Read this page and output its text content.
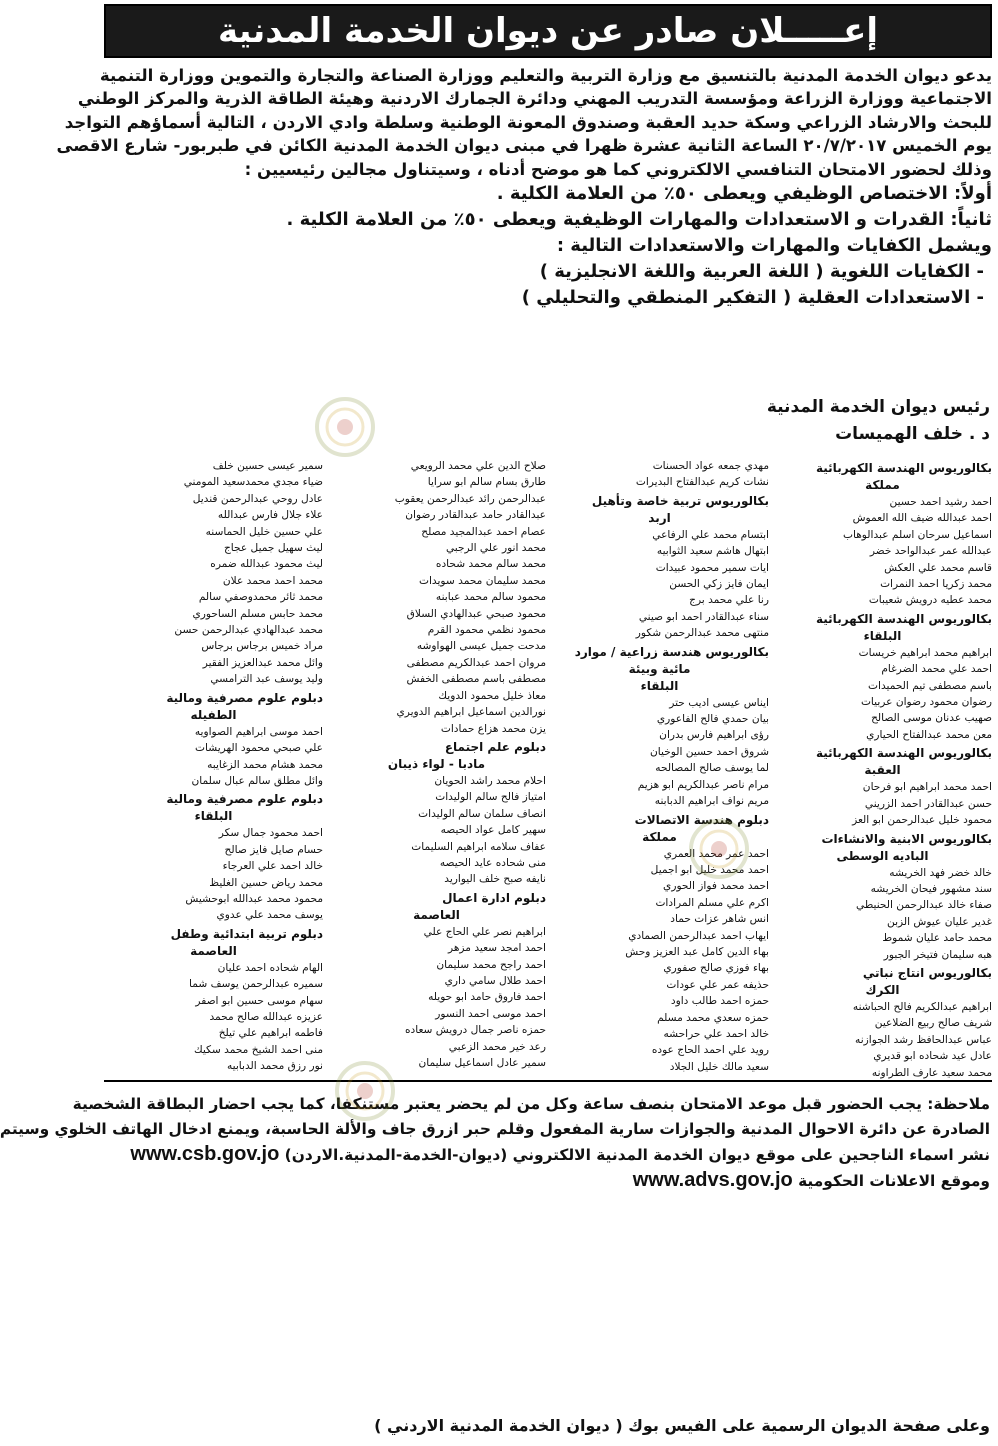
إعـــــلان صادر عن ديوان الخدمة المدنية

يدعو ديوان الخدمة المدنية بالتنسيق مع وزارة التربية والتعليم ووزارة الصناعة والتجارة والتموين ووزارة التنمية

الاجتماعية ووزارة الزراعة ومؤسسة التدريب المهني ودائرة الجمارك الاردنية وهيئة الطاقة الذرية والمركز الوطني

للبحث والارشاد الزراعي وسكة حديد العقبة وصندوق المعونة الوطنية وسلطة وادي الاردن ، التالية أسماؤهم التواجد

يوم الخميس ٢٠/٧/٢٠١٧ الساعة الثانية عشرة ظهرا في مبنى ديوان الخدمة المدنية الكائن في طبربور- شارع الاقصى

وذلك لحضور الامتحان التنافسي الالكتروني كما هو موضح أدناه ، وسيتناول مجالين رئيسيين :

أولاً: الاختصاص الوظيفي ويعطى ٥٠٪ من العلامة الكلية .

ثانياً: القدرات و الاستعدادات والمهارات الوظيفية ويعطى ٥٠٪ من العلامة الكلية .

ويشمل الكفايات والمهارات والاستعدادات التالية :

- الكفايات اللغوية ( اللغة العربية واللغة الانجليزية )

- الاستعدادات العقلية ( التفكير المنطقي والتحليلي )

رئيس ديوان الخدمة المدنية

د . خلف الهميسات

بكالوريوس الهندسة الكهربائية
مملكة
احمد رشيد احمد حسين
احمد عبدالله ضيف الله العموش
اسماعيل سرحان اسلم عبدالوهاب
عبدالله عمر عبدالواحد خضر
قاسم محمد علي العكش
محمد زكريا احمد النمرات
محمد عطيه درويش شعيبات
بكالوريوس الهندسة الكهربائية
البلقاء
ابراهيم محمد ابراهيم خريسات
احمد علي محمد الضرغام
باسم مصطفى تيم الحميدات
رضوان محمود رضوان عربيات
صهيب عدنان موسى الصالح
معن محمد عبدالفتاح الحياري
بكالوريوس الهندسة الكهربائية
العقبة
احمد محمد ابراهيم ابو فرحان
حسن عبدالقادر احمد الزريني
محمود خليل عبدالرحمن ابو العز
بكالوريوس الابنية والانشاءات
الباديه الوسطى
خالد خضر فهد الخريشه
سند مشهور فيحان الخريشه
صفاء خالد عبدالرحمن الحنيطي
غدير عليان عيوش الزبن
محمد حامد عليان شموط
هبه سليمان فتيخر الجبور
بكالوريوس انتاج نباتي
الكرك
ابراهيم عبدالكريم فالح الحباشنه
شريف صالح ربيع الضلاعين
عباس عبدالحافظ رشد الجوازنه
عادل عيد شحاده ابو قديري
محمد سعيد عارف الطراونه
مهدي جمعه عواد الحسنات
نشات كريم عبدالفتاح البديرات
بكالوريوس تربية خاصة وتأهيل
اربد
ابتسام محمد علي الرفاعي
ابتهال هاشم سعيد الثوابيه
ايات سمير محمود عبيدات
ايمان فايز زكي الحسن
رنا علي محمد برج
سناء عبدالقادر احمد ابو صيني
منتهى محمد عبدالرحمن شكور
بكالوريوس هندسة زراعية / موارد
مائية وبيئة
البلقاء
ايناس عيسى اديب حتر
بيان حمدي فالح الفاعوري
رؤى ابراهيم فارس بدران
شروق احمد حسين الوخيان
لما يوسف صالح المصالحه
مرام ناصر عبدالكريم ابو هزيم
مريم نواف ابراهيم الدبابنه
دبلوم هندسة الاتصالات
مملكة
احمد عمر محمد العمري
احمد محمد خليل ابو اجميل
احمد محمد فواز الحوري
اكرم علي مسلم المرادات
انس شاهر عزات حماد
ايهاب احمد عبدالرحمن الصمادي
بهاء الدين كامل عبد العزيز وحش
بهاء فوزي صالح صفوري
حذيفه عمر علي عودات
حمزه احمد طالب داود
حمزه سعدي محمد مسلم
خالد احمد علي حراحشه
رويد علي احمد الحاج عوده
سعيد مالك خليل الجلاد
صلاح الدين علي محمد الرويعي
طارق بسام سالم ابو سرايا
عبدالرحمن رائد عبدالرحمن يعقوب
عبدالقادر حامد عبدالقادر رضوان
عصام احمد عبدالمجيد مصلح
محمد انور علي الرجبي
محمد سالم محمد شحاده
محمد سليمان محمد سويدات
محمود سالم محمد عبابنه
محمود صبحي عبدالهادي السلاق
محمود نظمي محمود القرم
مدحت جميل عيسى الهواوشه
مروان احمد عبدالكريم مصطفى
مصطفى باسم مصطفى الخفش
معاذ خليل محمود الدويك
نورالدين اسماعيل ابراهيم الدويري
يزن محمد هزاع حمادات
دبلوم علم اجتماع
مادبا - لواء ذيبان
احلام محمد راشد الحويان
امتياز فالح سالم الوليدات
انصاف سلمان سالم الوليدات
سهير كامل عواد الحيصه
عفاف سلامه ابراهيم السليمات
منى شحاده عايد الحيصه
نايفه صبح خلف اليواريد
دبلوم ادارة اعمال
العاصمة
ابراهيم نصر علي الحاج علي
احمد امجد سعيد مزهر
احمد راجح محمد سليمان
احمد طلال سامي داري
احمد فاروق حامد ابو حويله
احمد موسى احمد النسور
حمزه ناصر جمال درويش سعاده
رعد خير محمد الزعبي
سمير عادل اسماعيل سليمان
سمير عيسى حسين خلف
ضياء مجدي محمدسعيد المومني
عادل روحي عبدالرحمن قنديل
علاء جلال فارس عبدالله
علي حسين خليل الحماسنه
ليث سهيل جميل عجاج
ليث محمود عبدالله ضمره
محمد احمد محمد علان
محمد ثائر محمدوصفي سالم
محمد حابس مسلم الساحوري
محمد عبدالهادي عبدالرحمن حسن
مراد خميس برجاس برجاس
وائل محمد عبدالعزيز الفقير
وليد يوسف عبد الترامسي
دبلوم علوم مصرفية ومالية
الطفيله
احمد موسى ابراهيم الصواويه
علي صبحي محمود الهريشات
محمد هشام محمد الزغايبه
وائل مطلق سالم عبال سلمان
دبلوم علوم مصرفية ومالية
البلقاء
احمد محمود جمال سكر
حسام صايل فايز صالح
خالد احمد علي العرجاء
محمد رياض حسين الغليظ
محمود محمد عبدالله ابوحشيش
يوسف محمد علي عدوي
دبلوم تربية ابتدائية وطفل
العاصمة
الهام شحاده احمد عليان
سميره عبدالرحمن يوسف شما
سهام موسى حسين ابو اصفر
عزيزه عبدالله صالح محمد
فاطمه ابراهيم علي تيلخ
منى احمد الشيخ محمد سكيك
نور رزق محمد الدبابيه

ملاحظة: يجب الحضور قبل موعد الامتحان بنصف ساعة وكل من لم يحضر يعتبر مستنكفا، كما يجب احضار البطاقة الشخصية

الصادرة عن دائرة الاحوال المدنية والجوازات سارية المفعول وقلم حبر ازرق جاف والألة الحاسبة، ويمنع ادخال الهاتف الخلوي وسيتم

نشر اسماء الناجحين على موقع ديوان الخدمة المدنية الالكتروني (ديوان-الخدمة-المدنية.الاردن) www.csb.gov.jo

وموقع الاعلانات الحكومية www.advs.gov.jo

وعلى صفحة الديوان الرسمية على الفيس بوك ( ديوان الخدمة المدنية الاردني )
